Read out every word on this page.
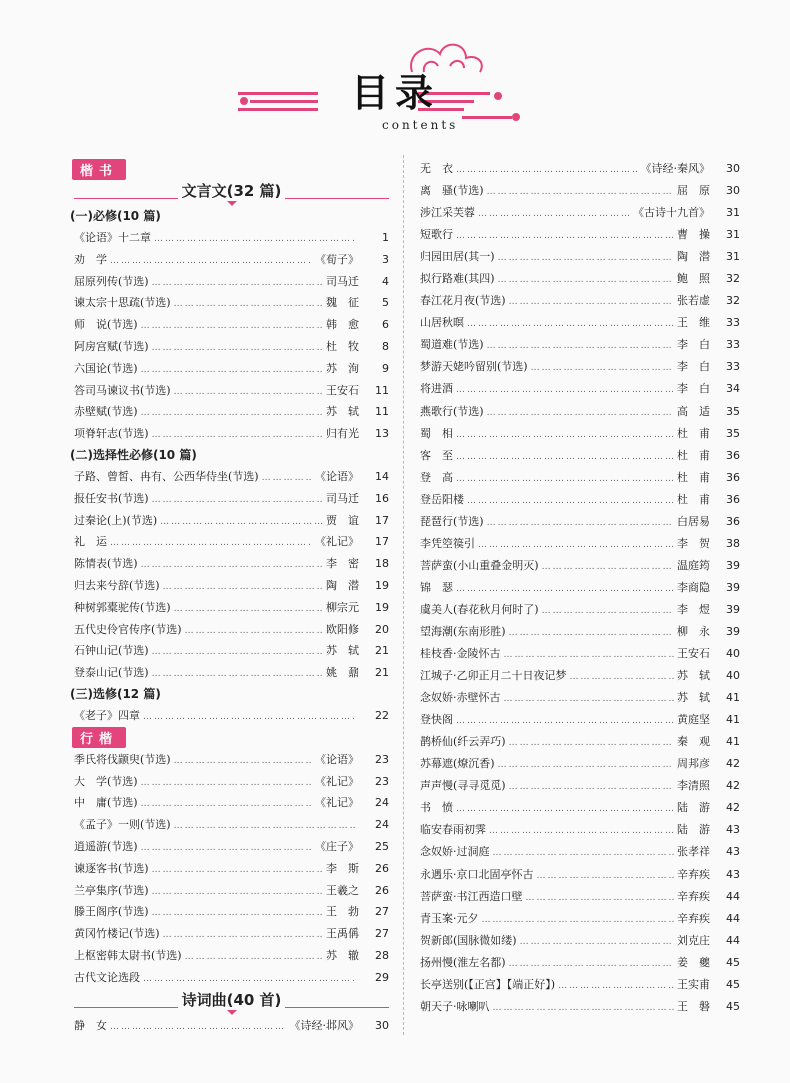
目录
contents
楷书
文言文(32 篇)
(一)必修(10 篇)
《论语》十二章 …………………………………………………………………………………………………………	1
劝　学 …………………………………………………………………………………………………………	《荀子》	3
屈原列传(节选) …………………………………………………………………………………………………………	司马迁	4
谏太宗十思疏(节选) …………………………………………………………………………………………………………	魏　征	5
师　说(节选) …………………………………………………………………………………………………………	韩　愈	6
阿房宫赋(节选) …………………………………………………………………………………………………………	杜　牧	8
六国论(节选) …………………………………………………………………………………………………………	苏　洵	9
答司马谏议书(节选) …………………………………………………………………………………………………………	王安石	11
赤壁赋(节选) …………………………………………………………………………………………………………	苏　轼	11
项脊轩志(节选) …………………………………………………………………………………………………………	归有光	13
(二)选择性必修(10 篇)
子路、曾皙、冉有、公西华侍坐(节选) …………………………………………………………………………………………………………	《论语》	14
报任安书(节选) …………………………………………………………………………………………………………	司马迁	16
过秦论(上)(节选) …………………………………………………………………………………………………………	贾　谊	17
礼　运 …………………………………………………………………………………………………………	《礼记》	17
陈情表(节选) …………………………………………………………………………………………………………	李　密	18
归去来兮辞(节选) …………………………………………………………………………………………………………	陶　潜	19
种树郭橐驼传(节选) …………………………………………………………………………………………………………	柳宗元	19
五代史伶官传序(节选) …………………………………………………………………………………………………………	欧阳修	20
石钟山记(节选) …………………………………………………………………………………………………………	苏　轼	21
登泰山记(节选) …………………………………………………………………………………………………………	姚　鼐	21
(三)选修(12 篇)
《老子》四章 …………………………………………………………………………………………………………	22
行楷
季氏将伐颛臾(节选) …………………………………………………………………………………………………………	《论语》	23
大　学(节选) …………………………………………………………………………………………………………	《礼记》	23
中　庸(节选) …………………………………………………………………………………………………………	《礼记》	24
《孟子》一则(节选) …………………………………………………………………………………………………………	24
逍遥游(节选) …………………………………………………………………………………………………………	《庄子》	25
谏逐客书(节选) …………………………………………………………………………………………………………	李　斯	26
兰亭集序(节选) …………………………………………………………………………………………………………	王羲之	26
滕王阁序(节选) …………………………………………………………………………………………………………	王　勃	27
黄冈竹楼记(节选) …………………………………………………………………………………………………………	王禹偁	27
上枢密韩太尉书(节选) …………………………………………………………………………………………………………	苏　辙	28
古代文论选段 …………………………………………………………………………………………………………	29
诗词曲(40 首)
静　女 …………………………………………………………………………………………………………	《诗经·邶风》	30
无　衣 …………………………………………………………………………………………………………	《诗经·秦风》	30
离　骚(节选) …………………………………………………………………………………………………………	屈　原	30
涉江采芙蓉 …………………………………………………………………………………………………………	《古诗十九首》	31
短歌行 …………………………………………………………………………………………………………	曹　操	31
归园田居(其一) …………………………………………………………………………………………………………	陶　潜	31
拟行路难(其四) …………………………………………………………………………………………………………	鲍　照	32
春江花月夜(节选) …………………………………………………………………………………………………………	张若虚	32
山居秋暝 …………………………………………………………………………………………………………	王　维	33
蜀道难(节选) …………………………………………………………………………………………………………	李　白	33
梦游天姥吟留别(节选) …………………………………………………………………………………………………………	李　白	33
将进酒 …………………………………………………………………………………………………………	李　白	34
燕歌行(节选) …………………………………………………………………………………………………………	高　适	35
蜀　相 …………………………………………………………………………………………………………	杜　甫	35
客　至 …………………………………………………………………………………………………………	杜　甫	36
登　高 …………………………………………………………………………………………………………	杜　甫	36
登岳阳楼 …………………………………………………………………………………………………………	杜　甫	36
琵琶行(节选) …………………………………………………………………………………………………………	白居易	36
李凭箜篌引 …………………………………………………………………………………………………………	李　贺	38
菩萨蛮(小山重叠金明灭) …………………………………………………………………………………………………………	温庭筠	39
锦　瑟 …………………………………………………………………………………………………………	李商隐	39
虞美人(春花秋月何时了) …………………………………………………………………………………………………………	李　煜	39
望海潮(东南形胜) …………………………………………………………………………………………………………	柳　永	39
桂枝香·金陵怀古 …………………………………………………………………………………………………………	王安石	40
江城子·乙卯正月二十日夜记梦 …………………………………………………………………………………………………………	苏　轼	40
念奴娇·赤壁怀古 …………………………………………………………………………………………………………	苏　轼	41
登快阁 …………………………………………………………………………………………………………	黄庭坚	41
鹊桥仙(纤云弄巧) …………………………………………………………………………………………………………	秦　观	41
苏幕遮(燎沉香) …………………………………………………………………………………………………………	周邦彦	42
声声慢(寻寻觅觅) …………………………………………………………………………………………………………	李清照	42
书　愤 …………………………………………………………………………………………………………	陆　游	42
临安春雨初霁 …………………………………………………………………………………………………………	陆　游	43
念奴娇·过洞庭 …………………………………………………………………………………………………………	张孝祥	43
永遇乐·京口北固亭怀古 …………………………………………………………………………………………………………	辛弃疾	43
菩萨蛮·书江西造口壁 …………………………………………………………………………………………………………	辛弃疾	44
青玉案·元夕 …………………………………………………………………………………………………………	辛弃疾	44
贺新郎(国脉微如缕) …………………………………………………………………………………………………………	刘克庄	44
扬州慢(淮左名都) …………………………………………………………………………………………………………	姜　夔	45
长亭送别(【正宫】【端正好】) …………………………………………………………………………………………………………	王实甫	45
朝天子·咏喇叭 …………………………………………………………………………………………………………	王　磐	45
